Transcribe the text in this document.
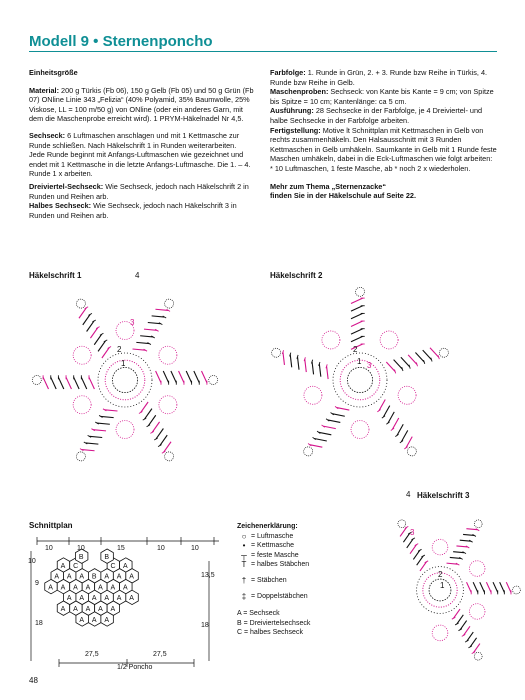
Modell 9 • Sternenponcho

Einheitsgröße

Material: 200 g Türkis (Fb 06), 150 g Gelb (Fb 05) und 50 g Grün (Fb 07) ONline Linie 343 „Felizia“ (40% Polyamid, 35% Baumwolle, 25% Viskose, LL = 100 m/50 g) von ONline (oder ein anderes Garn, mit dem die Maschenprobe erreicht wird). 1 PRYM-Häkelnadel Nr 4,5.

Sechseck: 6 Luftmaschen anschlagen und mit 1 Kettmasche zur Runde schließen. Nach Häkelschrift 1 in Runden weiterarbeiten. Jede Runde beginnt mit Anfangs-Luftmaschen wie gezeichnet und endet mit 1 Kettmasche in die letzte Anfangs-Luftmasche. Die 1. – 4. Runde 1 x arbeiten.

Dreiviertel-Sechseck: Wie Sechseck, jedoch nach Häkelschrift 2 in Runden und Reihen arb.

Halbes Sechseck: Wie Sechseck, jedoch nach Häkelschrift 3 in Runden und Reihen arb.

Farbfolge: 1. Runde in Grün, 2. + 3. Runde bzw Reihe in Türkis, 4. Runde bzw Reihe in Gelb.

Maschenproben: Sechseck: von Kante bis Kante = 9 cm; von Spitze bis Spitze = 10 cm; Kantenlänge: ca 5 cm.

Ausführung: 28 Sechsecke in der Farbfolge, je 4 Dreiviertel- und halbe Sechsecke in der Farbfolge arbeiten.

Fertigstellung: Motive lt Schnittplan mit Kettmaschen in Gelb von rechts zusammenhäkeln. Den Halsausschnitt mit 3 Runden Kettmaschen in Gelb umhäkeln. Saumkante in Gelb mit 1 Runde feste Maschen umhäkeln, dabei in die Eck-Luftmaschen wie folgt arbeiten: * 10 Luftmaschen, 1 feste Masche, ab * noch 2 x wiederholen.

Mehr zum Thema „Sternenzacke“
finden Sie in der Häkelschule auf Seite 22.

Häkelschrift 1	Häkelschrift 2
Häkelschrift 3
Schnittplan
4
3
2
1	3
2
1
4
3
2
1
A C	C A
A A A B A A A
A A A A A A A
A A A A A A
A A A A A
A A A
B	B
10	10	15	10	10
10
9
18
13,5
18
27,5	27,5
1/2 Poncho
Zeichenerklärung:
○ = Luftmasche
• = Kettmasche
┬ = feste Masche
Т = halbes Stäbchen
† = Stäbchen
‡ = Doppelstäbchen
A = Sechseck
B = Dreiviertelsechseck
C = halbes Sechseck
48
